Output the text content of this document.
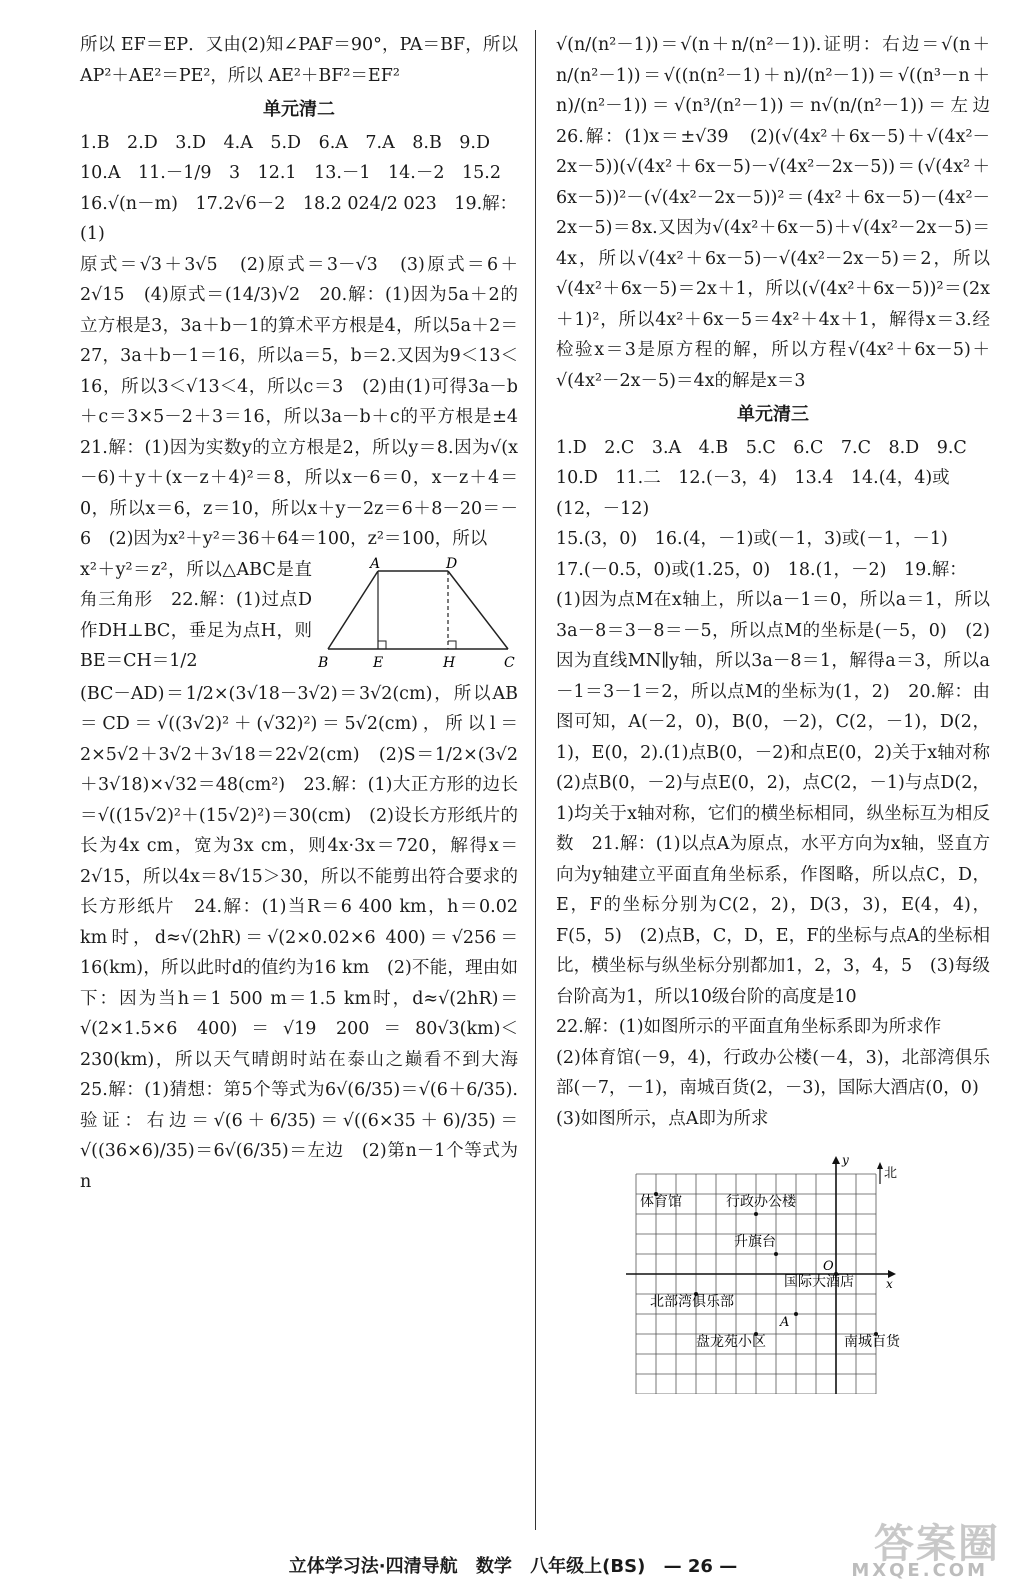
所以 EF＝EP．又由(2)知∠PAF＝90°，PA＝BF，所以 AP²＋AE²＝PE²，所以 AE²＋BF²＝EF²

单元清二

1.B　2.D　3.D　4.A　5.D　6.A　7.A　8.B　9.D

10.A　11.－1/9　3　12.1　13.－1　14.－2　15.2

16.√(n－m)　17.2√6－2　18.2 024/2 023　19.解：(1)

原式＝√3＋3√5　(2)原式＝3－√3　(3)原式＝6＋2√15　(4)原式＝(14/3)√2　20.解：(1)因为5a＋2的立方根是3，3a＋b－1的算术平方根是4，所以5a＋2＝27，3a＋b－1＝16，所以a＝5，b＝2.又因为9＜13＜16，所以3＜√13＜4，所以c＝3　(2)由(1)可得3a－b＋c＝3×5－2＋3＝16，所以3a－b＋c的平方根是±4　21.解：(1)因为实数y的立方根是2，所以y＝8.因为√(x－6)＋y＋(x－z＋4)²＝8，所以x－6＝0，x－z＋4＝0，所以x＝6，z＝10，所以x＋y－2z＝6＋8－20＝－6　(2)因为x²＋y²＝36＋64＝100，z²＝100，所以

A	D
B	E	H	C

x²＋y²＝z²，所以△ABC是直角三角形　22.解：(1)过点D作DH⊥BC，垂足为点H，则BE＝CH＝1/2

(BC－AD)＝1/2×(3√18－3√2)＝3√2(cm)，所以AB＝CD＝√((3√2)²＋(√32)²)＝5√2(cm)，所以l＝2×5√2＋3√2＋3√18＝22√2(cm)　(2)S＝1/2×(3√2＋3√18)×√32＝48(cm²)　23.解：(1)大正方形的边长＝√((15√2)²＋(15√2)²)＝30(cm)　(2)设长方形纸片的长为4x cm，宽为3x cm，则4x·3x＝720，解得x＝2√15，所以4x＝8√15＞30，所以不能剪出符合要求的长方形纸片　24.解：(1)当R＝6 400 km，h＝0.02 km时，d≈√(2hR)＝√(2×0.02×6 400)＝√256＝16(km)，所以此时d的值约为16 km　(2)不能，理由如下：因为当h＝1 500 m＝1.5 km时，d≈√(2hR)＝√(2×1.5×6 400)＝√19 200＝80√3(km)＜230(km)，所以天气晴朗时站在泰山之巅看不到大海　25.解：(1)猜想：第5个等式为6√(6/35)＝√(6＋6/35).验证：右边＝√(6＋6/35)＝√((6×35＋6)/35)＝√((36×6)/35)＝6√(6/35)＝左边　(2)第n－1个等式为n

√(n/(n²－1))＝√(n＋n/(n²－1)).证明：右边＝√(n＋n/(n²－1))＝√((n(n²－1)＋n)/(n²－1))＝√((n³－n＋n)/(n²－1))＝√(n³/(n²－1))＝n√(n/(n²－1))＝左边　26.解：(1)x＝±√39　(2)(√(4x²＋6x－5)＋√(4x²－2x－5))(√(4x²＋6x－5)－√(4x²－2x－5))＝(√(4x²＋6x－5))²－(√(4x²－2x－5))²＝(4x²＋6x－5)－(4x²－2x－5)＝8x.又因为√(4x²＋6x－5)＋√(4x²－2x－5)＝4x，所以√(4x²＋6x－5)－√(4x²－2x－5)＝2，所以√(4x²＋6x－5)＝2x＋1，所以(√(4x²＋6x－5))²＝(2x＋1)²，所以4x²＋6x－5＝4x²＋4x＋1，解得x＝3.经检验x＝3是原方程的解，所以方程√(4x²＋6x－5)＋√(4x²－2x－5)＝4x的解是x＝3

单元清三

1.D　2.C　3.A　4.B　5.C　6.C　7.C　8.D　9.C

10.D　11.二　12.(－3，4)　13.4　14.(4，4)或(12，－12)

15.(3，0)　16.(4，－1)或(－1，3)或(－1，－1)

17.(－0.5，0)或(1.25，0)　18.(1，－2)　19.解：

(1)因为点M在x轴上，所以a－1＝0，所以a＝1，所以3a－8＝3－8＝－5，所以点M的坐标是(－5，0)　(2)因为直线MN∥y轴，所以3a－8＝1，解得a＝3，所以a－1＝3－1＝2，所以点M的坐标为(1，2)　20.解：由图可知，A(－2，0)，B(0，－2)，C(2，－1)，D(2，1)，E(0，2).(1)点B(0，－2)和点E(0，2)关于x轴对称　(2)点B(0，－2)与点E(0，2)，点C(2，－1)与点D(2，1)均关于x轴对称，它们的横坐标相同，纵坐标互为相反数　21.解：(1)以点A为原点，水平方向为x轴，竖直方向为y轴建立平面直角坐标系，作图略，所以点C，D，E，F的坐标分别为C(2，2)，D(3，3)，E(4，4)，F(5，5)　(2)点B，C，D，E，F的坐标与点A的坐标相比，横坐标与纵坐标分别都加1，2，3，4，5　(3)每级台阶高为1，所以10级台阶的高度是10

22.解：(1)如图所示的平面直角坐标系即为所求作

(2)体育馆(－9，4)，行政办公楼(－4，3)，北部湾俱乐部(－7，－1)，南城百货(2，－3)，国际大酒店(0，0)

(3)如图所示，点A即为所求

y
x
O
北
体育馆	行政办公楼
升旗台
国际大酒店
北部湾俱乐部
A
盘龙苑小区	南城百货
立体学习法·四清导航 数学 八年级上(BS) — 26 —	答案圈
MXQE.COM
